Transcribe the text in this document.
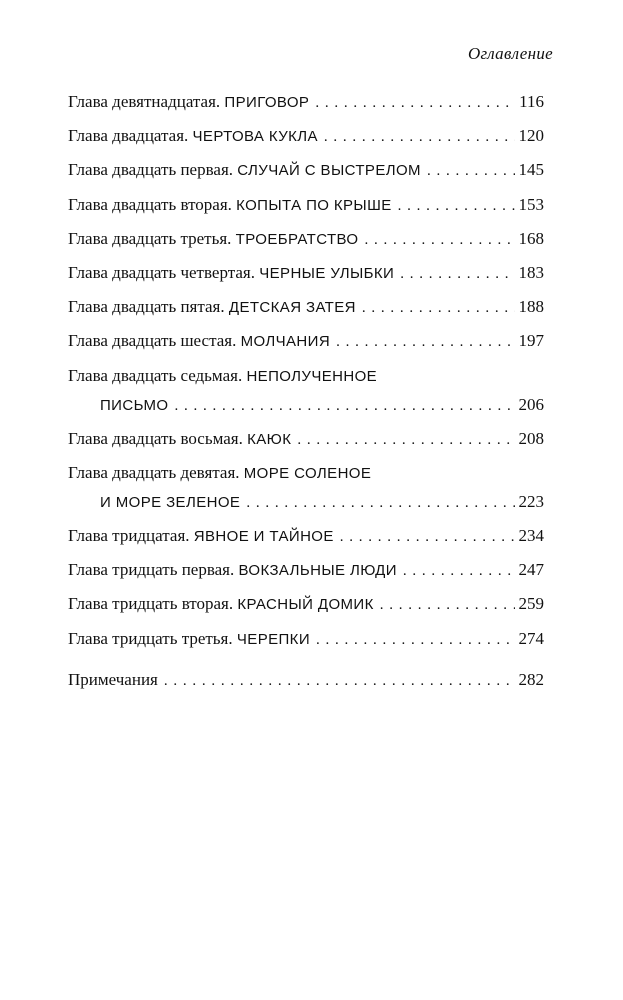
Оглавление
Глава девятнадцатая. ПРИГОВОР . . .	116
Глава двадцатая. ЧЕРТОВА КУКЛА . . .	120
Глава двадцать первая. СЛУЧАЙ С ВЫСТРЕЛОМ . . .	145
Глава двадцать вторая. КОПЫТА ПО КРЫШЕ . . .	153
Глава двадцать третья. ТРОЕБРАТСТВО . . .	168
Глава двадцать четвертая. ЧЕРНЫЕ УЛЫБКИ . . .	183
Глава двадцать пятая. ДЕТСКАЯ ЗАТЕЯ . . .	188
Глава двадцать шестая. МОЛЧАНИЯ . . .	197
Глава двадцать седьмая. НЕПОЛУЧЕННОЕ
ПИСЬМО . . .	206
Глава двадцать восьмая. КАЮК . . .	208
Глава двадцать девятая. МОРЕ СОЛЕНОЕ
И МОРЕ ЗЕЛЕНОЕ . . .	223
Глава тридцатая. ЯВНОЕ И ТАЙНОЕ . . .	234
Глава тридцать первая. ВОКЗАЛЬНЫЕ ЛЮДИ . . .	247
Глава тридцать вторая. КРАСНЫЙ ДОМИК . . .	259
Глава тридцать третья. ЧЕРЕПКИ . . .	274
Примечания . . .	282
